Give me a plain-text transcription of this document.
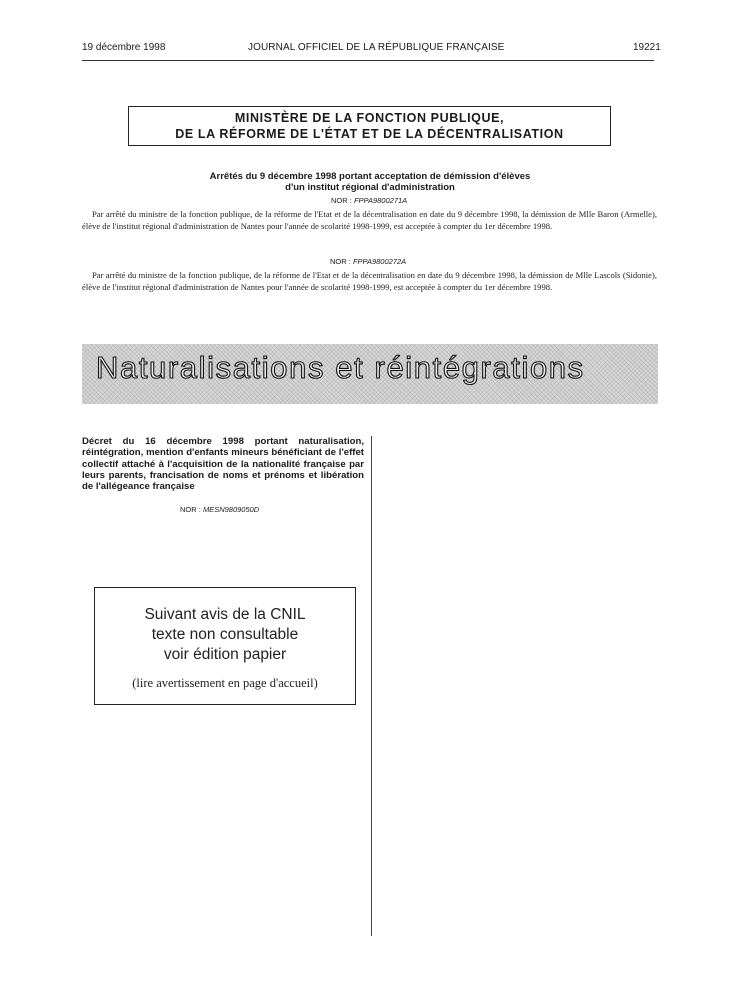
19 décembre 1998	JOURNAL OFFICIEL DE LA RÉPUBLIQUE FRANÇAISE	19221
MINISTÈRE DE LA FONCTION PUBLIQUE,
DE LA RÉFORME DE L'ÉTAT ET DE LA DÉCENTRALISATION
Arrêtés du 9 décembre 1998 portant acceptation de démission d'élèves
d'un institut régional d'administration
NOR : FPPA9800271A
Par arrêté du ministre de la fonction publique, de la réforme de l'Etat et de la décentralisation en date du 9 décembre 1998, la démission de Mlle Baron (Armelle), élève de l'institut régional d'administration de Nantes pour l'année de scolarité 1998-1999, est acceptée à compter du 1er décembre 1998.
NOR : FPPA9800272A
Par arrêté du ministre de la fonction publique, de la réforme de l'Etat et de la décentralisation en date du 9 décembre 1998, la démission de Mlle Lascols (Sidonie), élève de l'institut régional d'administration de Nantes pour l'année de scolarité 1998-1999, est acceptée à compter du 1er décembre 1998.
Naturalisations et réintégrations
Décret du 16 décembre 1998 portant naturalisation, réintégration, mention d'enfants mineurs bénéficiant de l'effet collectif attaché à l'acquisition de la nationalité française par leurs parents, francisation de noms et prénoms et libération de l'allégeance française
NOR : MESN9809050D
Suivant avis de la CNIL
texte non consultable
voir édition papier
(lire avertissement en page d'accueil)
